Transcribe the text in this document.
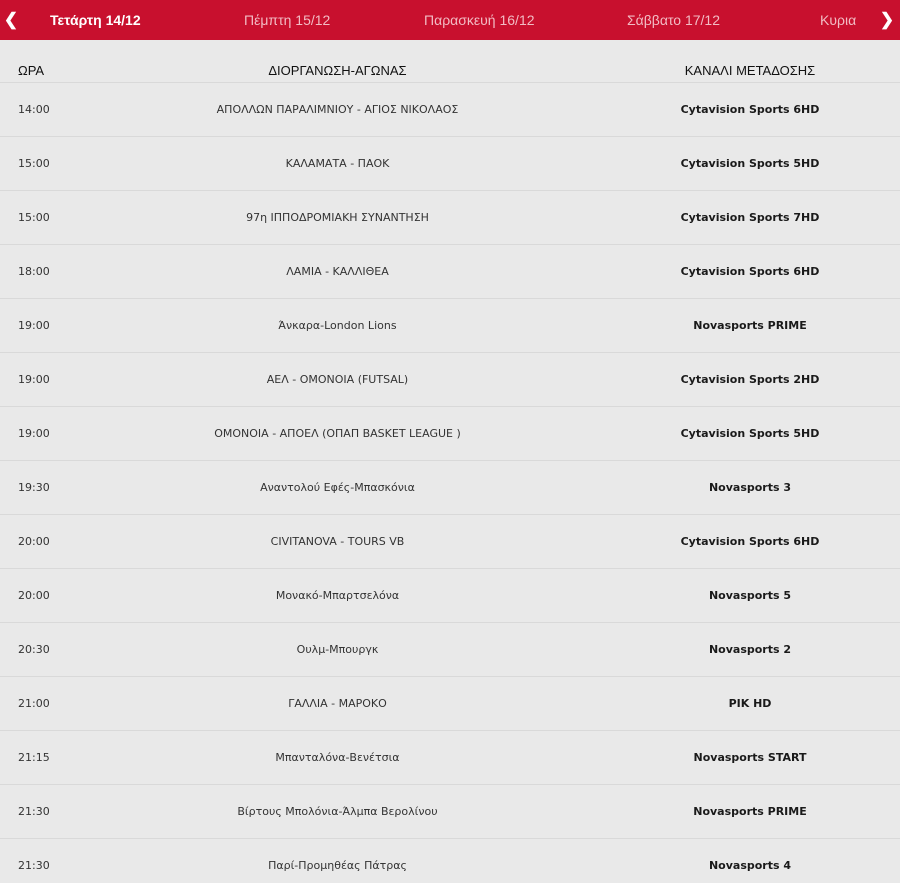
❮ Τετάρτη 14/12	Πέμπτη 15/12	Παρασκευή 16/12	Σάββατο 17/12	Κυρια ❯
ΩΡΑ	ΔΙΟΡΓΑΝΩΣΗ-ΑΓΩΝΑΣ	ΚΑΝΑΛΙ ΜΕΤΑΔΟΣΗΣ
14:00	ΑΠΟΛΛΩΝ ΠΑΡΑΛΙΜΝΙΟΥ - ΑΓΙΟΣ ΝΙΚΟΛΑΟΣ	Cytavision Sports 6HD
15:00	ΚΑΛΑΜΑΤΑ - ΠΑΟΚ	Cytavision Sports 5HD
15:00	97η ΙΠΠΟΔΡΟΜΙΑΚΗ ΣΥΝΑΝΤΗΣΗ	Cytavision Sports 7HD
18:00	ΛΑΜΙΑ - ΚΑΛΛΙΘΕΑ	Cytavision Sports 6HD
19:00	Άνκαρα-London Lions	Novasports PRIME
19:00	ΑΕΛ - ΟΜΟΝΟΙΑ (FUTSAL)	Cytavision Sports 2HD
19:00	ΟΜΟΝΟΙΑ - ΑΠΟΕΛ (ΟΠΑΠ BASKET LEAGUE )	Cytavision Sports 5HD
19:30	Αναντολού Εφές-Μπασκόνια	Novasports 3
20:00	CIVITANOVA - TOURS VB	Cytavision Sports 6HD
20:00	Μονακό-Μπαρτσελόνα	Novasports 5
20:30	Ουλμ-Μπουργκ	Novasports 2
21:00	ΓΑΛΛΙΑ - ΜΑΡΟΚΟ	ΡΙΚ HD
21:15	Μπανταλόνα-Βενέτσια	Novasports START
21:30	Βίρτους Μπολόνια-Άλμπα Βερολίνου	Novasports PRIME
21:30	Παρί-Προμηθέας Πάτρας	Novasports 4
